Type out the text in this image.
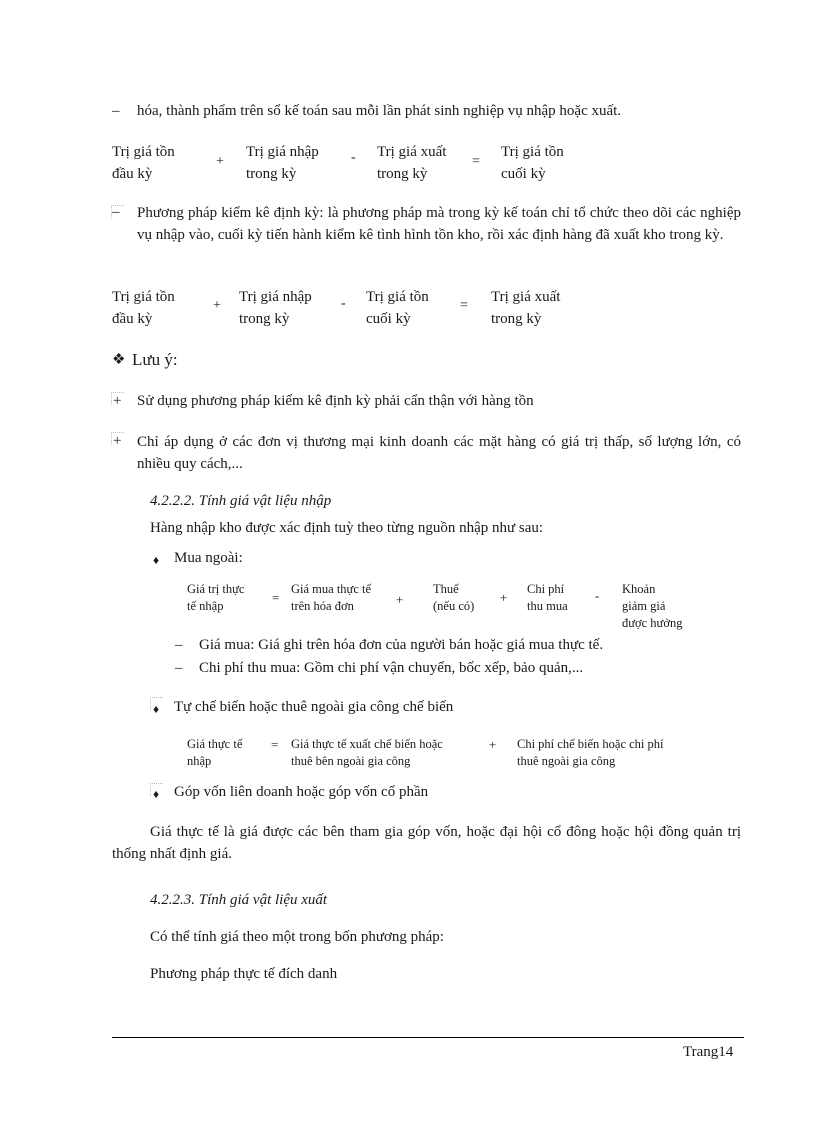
– hóa, thành phẩm trên sổ kế toán sau mỗi lần phát sinh nghiệp vụ nhập hoặc xuất.
Trị giá tồn
đầu kỳ
+
Trị giá nhập
trong kỳ
- Trị giá xuất
trong kỳ
=
Trị giá tồn
cuối kỳ
– Phương pháp kiểm kê định kỳ: là phương pháp mà trong kỳ kế toán chỉ tổ chức theo dõi các nghiệp vụ nhập vào, cuối kỳ tiến hành kiểm kê tình hình tồn kho, rồi xác định hàng đã xuất kho trong kỳ.
Trị giá tồn
đầu kỳ
+
Trị giá nhập
trong kỳ
- Trị giá tồn
cuối kỳ
=
Trị giá xuất
trong kỳ
❖ Lưu ý:
+ Sử dụng phương pháp kiểm kê định kỳ phải cẩn thận với hàng tồn
+ Chỉ áp dụng ở các đơn vị thương mại kinh doanh các mặt hàng có giá trị thấp, số lượng lớn, có nhiều quy cách,...
4.2.2.2. Tính giá vật liệu nhập
Hàng nhập kho được xác định tuỳ theo từng nguồn nhập như sau:
♦ Mua ngoài:
Giá trị thực
tế nhập
=
Giá mua thực tế
trên hóa đơn	+
Thuế
(nếu có)
+
Chi phí
thu mua
- Khoản
giảm giá
được hưởng
– Giá mua: Giá ghi trên hóa đơn của người bán hoặc giá mua thực tế.
– Chi phí thu mua: Gồm chi phí vận chuyển, bốc xếp, bảo quản,...
♦ Tự chế biến hoặc thuê ngoài gia công chế biến
Giá thực tế
nhập
= Giá thực tế xuất chế biến hoặc
thuê bên ngoài gia công
+ Chi phí chế biến hoặc chi phí
thuê ngoài gia công
♦ Góp vốn liên doanh hoặc góp vốn cổ phần
Giá thực tế là giá được các bên tham gia góp vốn, hoặc đại hội cổ đông hoặc hội đồng quản trị thống nhất định giá.
4.2.2.3. Tính giá vật liệu xuất
Có thể tính giá theo một trong bốn phương pháp:
Phương pháp thực tế đích danh
Trang14
